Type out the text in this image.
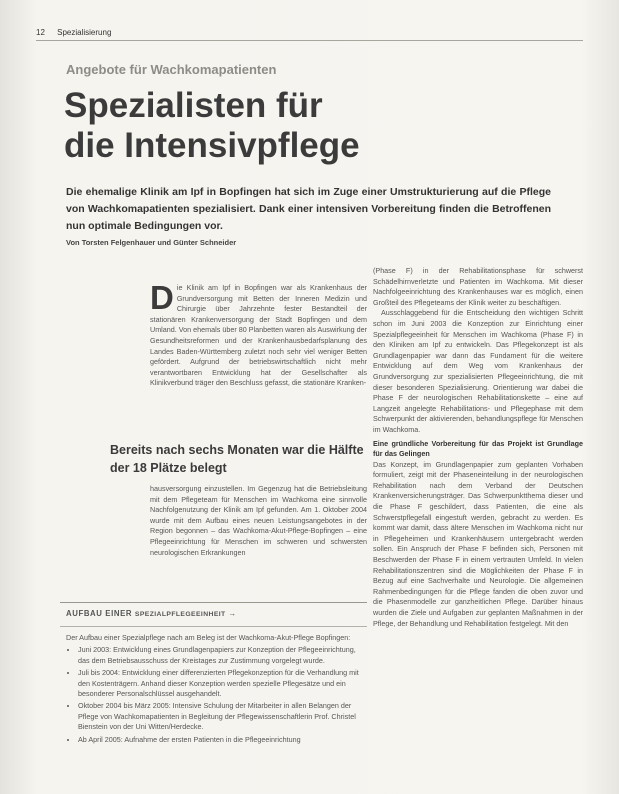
12 Spezialisierung
Angebote für Wachkomapatienten
Spezialisten für
die Intensivpflege
Die ehemalige Klinik am Ipf in Bopfingen hat sich im Zuge einer Umstrukturierung auf die Pflege von Wachkomapatienten spezialisiert. Dank einer intensiven Vorbereitung finden die Betroffenen nun optimale Bedingungen vor.
Von Torsten Felgenhauer und Günter Schneider

Die Klinik am Ipf in Bopfingen war als Krankenhaus der Grundversorgung mit Betten der Inneren Medizin und Chirurgie über Jahrzehnte fester Bestandteil der stationären Krankenversorgung der Stadt Bopfingen und dem Umland. Von ehemals über 80 Planbetten waren als Auswirkung der Gesundheitsreformen und der Krankenhausbedarfsplanung des Landes Baden-Württemberg zuletzt noch sehr viel weniger Betten gefördert. Aufgrund der betriebswirtschaftlich nicht mehr verantwortbaren Entwicklung hat der Gesellschafter als Klinikverbund träger den Beschluss gefasst, die stationäre Kranken-

Bereits nach sechs Monaten war die Hälfte der 18 Plätze belegt

hausversorgung einzustellen. Im Gegenzug hat die Betriebsleitung mit dem Pflegeteam für Menschen im Wachkoma eine sinnvolle Nachfolgenutzung der Klinik am Ipf gefunden. Am 1. Oktober 2004 wurde mit dem Aufbau eines neuen Leistungsangebotes in der Region begonnen – das Wachkoma-Akut-Pflege-Bopfingen – eine Pflegeeinrichtung für Menschen im schweren und schwersten neurologischen Erkrankungen

(Phase F) in der Rehabilitationsphase für schwerst Schädelhirnverletzte und Patienten im Wachkoma. Mit dieser Nachfolgeeinrichtung des Krankenhauses war es möglich, einen Großteil des Pflegeteams der Klinik weiter zu beschäftigen.

Ausschlaggebend für die Entscheidung den wichtigen Schritt schon im Juni 2003 die Konzeption zur Einrichtung einer Spezialpflegeeinheit für Menschen im Wachkoma (Phase F) in den Kliniken am Ipf zu entwickeln. Das Pflegekonzept ist als Grundlagenpapier war dann das Fundament für die weitere Entwicklung auf dem Weg vom Krankenhaus der Grundversorgung zur spezialisierten Pflegeeinrichtung, die mit dieser besonderen Spezialisierung. Orientierung war dabei die Phase F der neurologischen Rehabilitationskette – eine auf Langzeit angelegte Rehabilitations- und Pflegephase mit dem Schwerpunkt der aktivierenden, behandlungspflege für Menschen im Wachkoma.

Eine gründliche Vorbereitung für das Projekt ist Grundlage für das Gelingen

Das Konzept, im Grundlagenpapier zum geplanten Vorhaben formuliert, zeigt mit der Phaseneinteilung in der neurologischen Rehabilitation nach dem Verband der Deutschen Krankenversicherungsträger. Das Schwerpunktthema dieser und die Phase F geschildert, dass Patienten, die eine als Schwerstpflegefall eingestuft werden, gebracht zu werden. Es kommt war damit, dass ältere Menschen im Wachkoma nicht nur in Pflegeheimen und Krankenhäusern untergebracht werden sollen. Ein Anspruch der Phase F befinden sich, Personen mit Beschwerden der Phase F in einem vertrauten Umfeld. In vielen Rehabilitationszentren sind die Möglichkeiten der Phase F in Bezug auf eine Sachverhalte und Neurologie. Die allgemeinen Rahmenbedingungen für die Pflege fanden die oben zuvor und die Phasenmodelle zur ganzheitlichen Pflege. Darüber hinaus wurden die Ziele und Aufgaben zur geplanten Maßnahmen in der Pflege, der Behandlung und Rehabilitation festgelegt. Mit den

AUFBAU EINER SPEZIALPFLEGEEINHEIT →

Der Aufbau einer Spezialpflege nach am Beleg ist der Wachkoma-Akut-Pflege Bopfingen:

• Juni 2003: Entwicklung eines Grundlagenpapiers zur Konzeption der Pflegeeinrichtung, das dem Betriebsausschuss der Kreistages zur Zustimmung vorgelegt wurde.
• Juli bis 2004: Entwicklung einer differenzierten Pflegekonzeption für die Verhandlung mit den Kostenträgern. Anhand dieser Konzeption werden spezielle Pflegesätze und ein besonderer Personalschlüssel ausgehandelt.
• Oktober 2004 bis März 2005: Intensive Schulung der Mitarbeiter in allen Belangen der Pflege von Wachkomapatienten in Begleitung der Pflegewissenschaftlerin Prof. Christel Bienstein von der Uni Witten/Herdecke.
• Ab April 2005: Aufnahme der ersten Patienten in die Pflegeeinrichtung
